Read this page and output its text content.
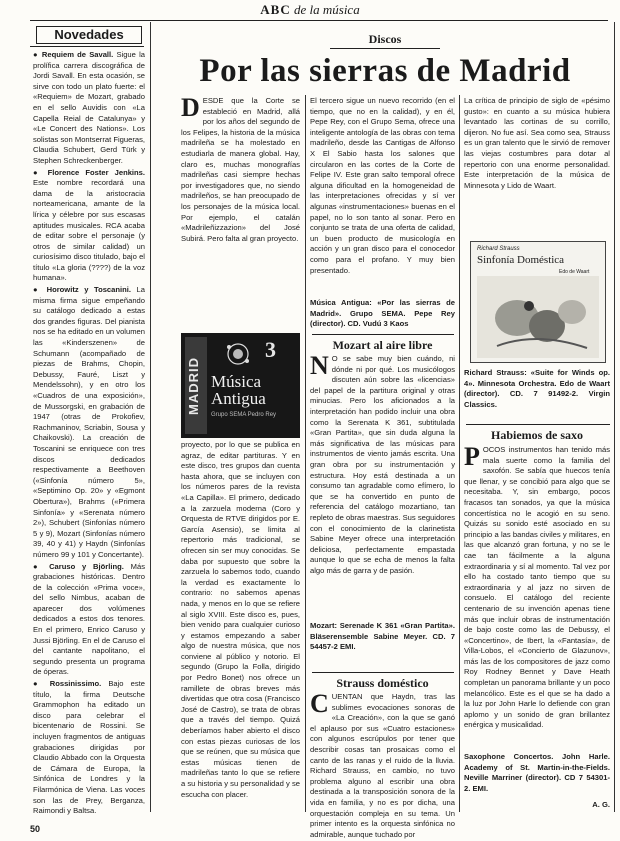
ABC de la música
Novedades

● Requiem de Savall. Sigue la prolífica carrera discográfica de Jordi Savall. En esta ocasión, se sirve con todo un plato fuerte: el «Requiem» de Mozart, grabado en el sello Auvidis con «La Capella Reial de Catalunya» y «Le Concert des Nations». Los solistas son Montserrat Figueras, Claudia Schubert, Gerd Türk y Stephen Schreckenberger.

● Florence Foster Jenkins. Este nombre recordará una dama de la aristocracia norteamericana, amante de la lírica y célebre por sus escasas aptitudes musicales. RCA acaba de editar sobre el personaje (y otros de similar calidad) un curiosísimo disco titulado, bajo el título «La gloria (????) de la voz humana».

● Horowitz y Toscanini. La misma firma sigue empeñando su catálogo dedicado a estas dos grandes figuras. Del pianista nos se ha editado en un volumen las «Kinderszenen» de Schumann (acompañado de piezas de Brahms, Chopin, Debussy, Fauré, Liszt y Mendelssohn), y en otro los «Cuadros de una exposición», de Mussorgski, en grabación de 1947 (otras de Prokofiev, Rachmaninov, Scriabin, Sousa y Chaikovski). La creación de Toscanini se enriquece con tres discos dedicados respectivamente a Beethoven («Sinfonía número 5», «Septimino Op. 20» y «Egmont Obertura»), Brahms («Primera Sinfonía» y «Serenata número 2»), Schubert (Sinfonías número 5 y 9), Mozart (Sinfonías número 39, 40 y 41) y Haydn (Sinfonías número 99 y 101 y Concertante).

● Caruso y Björling. Más grabaciones históricas. Dentro de la colección «Prima voce», del sello Nimbus, acaban de aparecer dos volúmenes dedicados a estos dos tenores. En el primero, Enrico Caruso y Jussi Björling. En el de Caruso el del cantante napolitano, el segundo presenta un programa de óperas.

● Rossinissimo. Bajo este título, la firma Deutsche Grammophon ha editado un disco para celebrar el bicentenario de Rossini. Se incluyen fragmentos de antiguas grabaciones dirigidas por Claudio Abbado con la Orquesta de Cámara de Europa, la Sinfónica de Londres y la Filarmónica de Viena. Las voces son las de Prey, Berganza, Raimondi y Baltsa.

Discos
Por las sierras de Madrid
DESDE que la Corte se estableció en Madrid, allá por los años del segundo de los Felipes, la historia de la música madrileña se ha molestado en estudiarla de manera global. Hay, claro es, muchas monografías madrileñas casi siempre hechas por investigadores que, no siendo madrileños, se han preocupado de los personajes de la música local. Por ejemplo, el catalán «Madrileñizzazion» del José Subirá. Pero falta al gran proyecto.
MADRID
3
Música Antigua
Grupo SEMA Pedro Rey
proyecto, por lo que se publica en agraz, de editar partituras. Y en este disco, tres grupos dan cuenta hasta ahora, que se incluyen con los números pares de la revista «La Capilla». El primero, dedicado a la zarzuela moderna (Coro y Orquesta de RTVE dirigidos por E. García Asensio), se limita al repertorio más tradicional, se ofrecen sin ser muy conocidas. Se daba por supuesto que sobre la zarzuela lo sabemos todo, cuando la verdad es exactamente lo contrario: no sabemos apenas nada, y menos en lo que se refiere al siglo XVIII. Este disco es, pues, bien venido para cualquier curioso y estamos empezando a saber algo de nuestra música, que nos conviene al público y notorio. El segundo (Grupo la Folla, dirigido por Pedro Bonet) nos ofrece un ramillete de obras breves más divertidas que otra cosa (Francisco José de Castro), se trata de obras que a través del tiempo. Quizá deberíamos haber abierto el disco con estas piezas curiosas de los que se reúnen, que su música que estas músicas tienen de madrileñas tanto lo que se refiere a su historia y su personalidad y se escucha con placer.
El tercero sigue un nuevo recorrido (en el tiempo, que no en la calidad), y en él, Pepe Rey, con el Grupo Sema, ofrece una inteligente antología de las obras con tema madrileño, desde las Cantigas de Alfonso X El Sabio hasta los salones que circularon en las cortes de la Corte de Felipe IV. Este gran salto temporal ofrece alguna dificultad en la homogeneidad de las interpretaciones ofrecidas y sí ver algunas «instrumentaciones» buenas en el papel, no lo son tanto al sonar. Pero en conjunto se trata de una oferta de calidad, un buen producto de musicología en acción y un gran disco para el conocedor como para el profano. Y muy bien presentado.
Música Antigua: «Por las sierras de Madrid». Grupo SEMA. Pepe Rey (director). CD. Vudú 3 Kaos
Mozart al aire libre
N O se sabe muy bien cuándo, ni dónde ni por qué. Los musicólogos discuten aún sobre las «licencias» del papel de la partitura original y otras minucias. Pero los aficionados a la interpretación han podido incluir una obra como la Serenata K 361, subtitulada «Gran Partita», que sin duda alguna la más significativa de las músicas para instrumentos de viento jamás escrita. Una gran obra por su instrumentación y estructura. Hoy está destinada a un consumo tan agradable como efímero, lo que se ha convertido en punto de referencia del catálogo mozartiano, tan repleto de obras maestras. Sus seguidores con el conocimiento de la clarinetista Sabine Meyer ofrece una interpretación deliciosa, perfectamente empastada aunque lo que se echa de menos la falta algo más de garra y de pasión.
Mozart: Serenade K 361 «Gran Partita». Bläserensemble Sabine Meyer. CD. 7 54457-2 EMI.
Strauss doméstico
CUENTAN que Haydn, tras las sublimes evocaciones sonoras de «La Creación», con la que se ganó el aplauso por sus «Cuatro estaciones» con algunos escrúpulos por tener que describir cosas tan prosaicas como el canto de las ranas y el ruido de la lluvia. Richard Strauss, en cambio, no tuvo problema alguno al escribir una obra destinada a la transposición sonora de la vida en familia, y no es por dicha, una orquestación compleja en su tema. Un primer intento es la orquesta sinfónica no admirable, aunque tuchado por
La crítica de principio de siglo de «pésimo gusto»: en cuanto a su música hubiera levantado las cortinas de su corrillo, dijeron. No fue así. Sea como sea, Strauss es un gran talento que le sirvió de remover las viejas costumbres para dotar al repertorio con una enorme personalidad. Este interpretación de la música de Minnesota y Lido de Waart.
Richard Strauss
Sinfonía Doméstica
Edo de Waart
Richard Strauss: «Suite for Winds op. 4». Minnesota Orchestra. Edo de Waart (director). CD. 7 91492-2. Virgin Classics.
Habiemos de saxo
POCOS instrumentos han tenido más mala suerte como la familia del saxofón. Se sabía que huecos tenía que llenar, y se concibió para algo que se necesitaba. Y, sin embargo, pocos fracasos tan sonados, ya que la música concertística no le acogió en su seno. Quizás su sonido esté asociado en su principio a las bandas civiles y militares, en las que alcanzó gran fortuna, y no se le cae tan fácilmente a la alguna extraordinaria y sí al momento. Tal vez por ello ha costado tanto tiempo que su extraordinaria y al jazz no sirven de consuelo. El catálogo del reciente centenario de su invención apenas tiene más que incluir obras de instrumentación de bajo coste como las de Debussy, el «Concertino», de Ibert, la «Fantasía», de Villa-Lobos, el «Concierto de Glazunov», más las de los compositores de jazz como Roy Rodney Bennet y Dave Heath completan un panorama brillante y un poco melancólico. Este es el que se ha dado a la luz por John Harle lo defiende con gran aplomo y un sonido de gran brillantez enérgica y musicalidad.
Saxophone Concertos. John Harle. Academy of St. Martin-in-the-Fields. Neville Marriner (director). CD 7 54301-2. EMI.
A. G.
50
